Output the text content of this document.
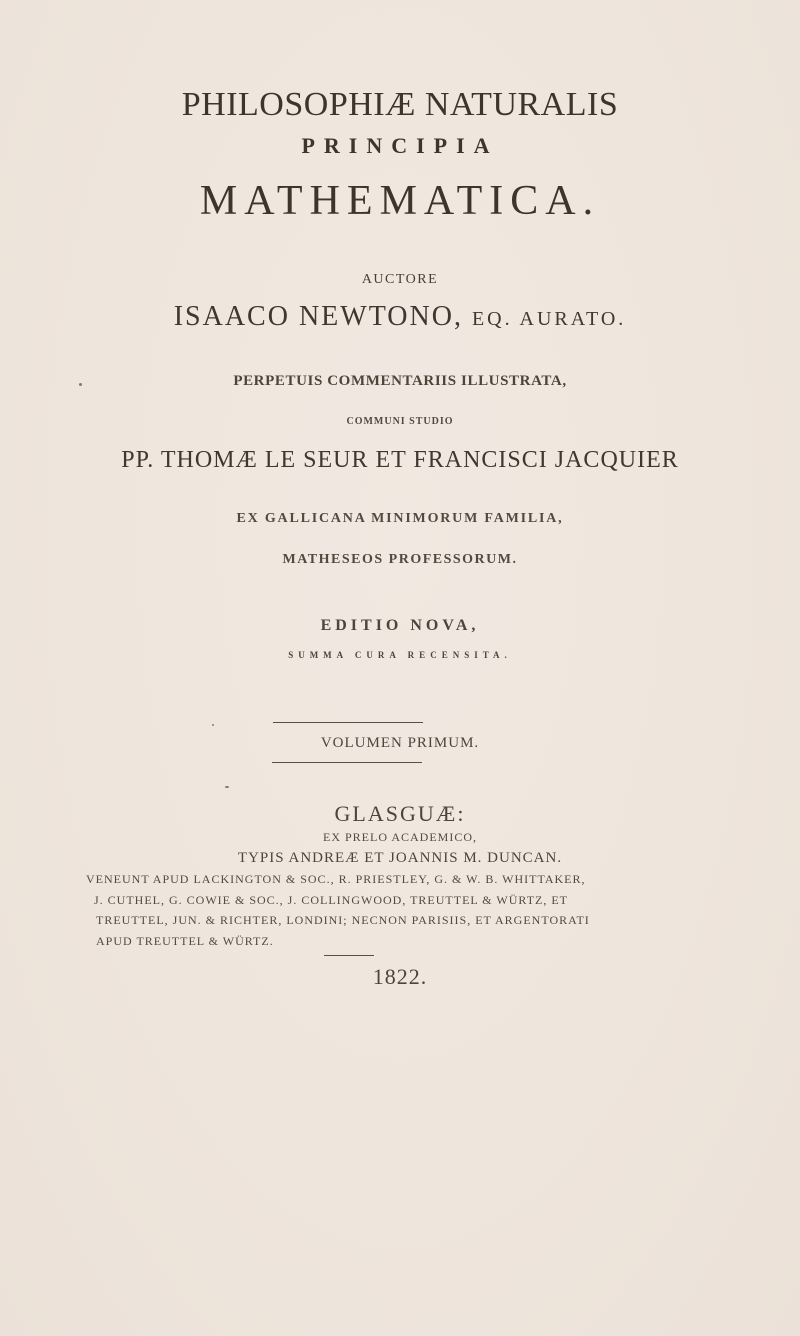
PHILOSOPHIÆ NATURALIS
PRINCIPIA
MATHEMATICA.
AUCTORE
ISAACO NEWTONO, EQ. AURATO.
PERPETUIS COMMENTARIIS ILLUSTRATA,
COMMUNI STUDIO
PP. THOMÆ LE SEUR ET FRANCISCI JACQUIER
EX GALLICANA MINIMORUM FAMILIA,
MATHESEOS PROFESSORUM.
EDITIO NOVA,
SUMMA CURA RECENSITA.
VOLUMEN PRIMUM.
GLASGUÆ:
EX PRELO ACADEMICO,
TYPIS ANDREÆ ET JOANNIS M. DUNCAN.
VENEUNT APUD LACKINGTON & SOC., R. PRIESTLEY, G. & W. B. WHITTAKER,
J. CUTHEL, G. COWIE & SOC., J. COLLINGWOOD, TREUTTEL & WÜRTZ, ET
TREUTTEL, JUN. & RICHTER, LONDINI; NECNON PARISIIS, ET ARGENTORATI
APUD TREUTTEL & WÜRTZ.
1822.
